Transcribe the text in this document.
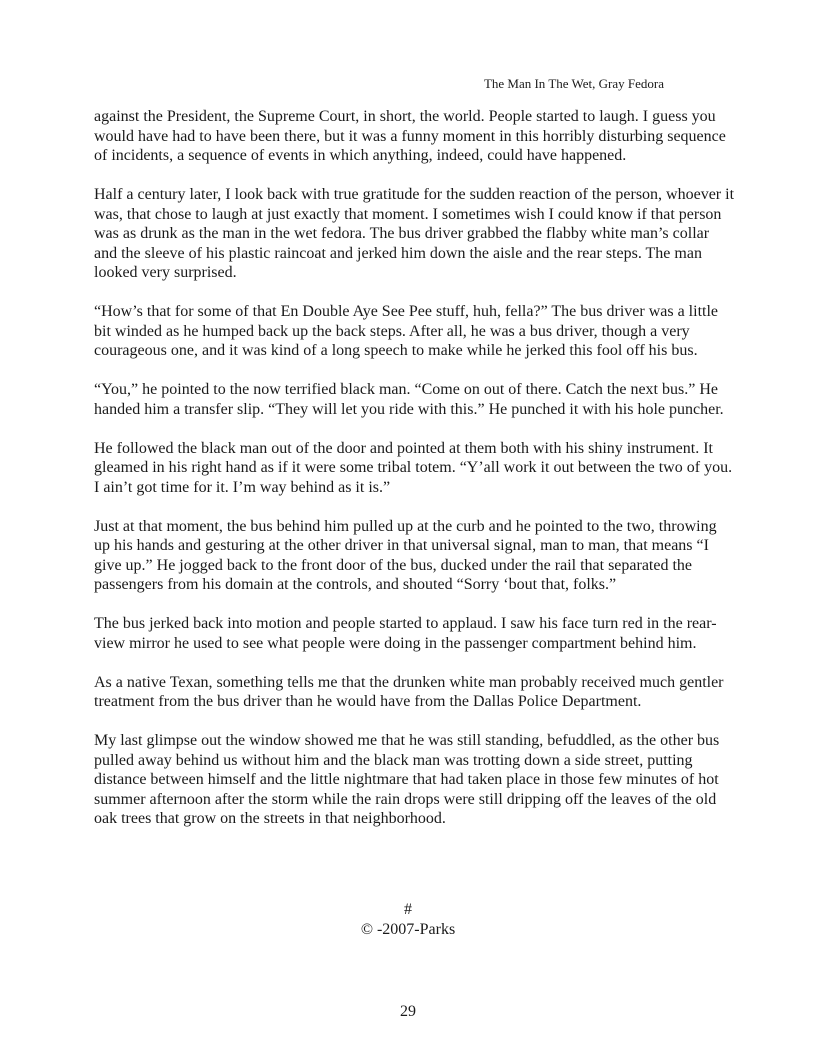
The Man In The Wet, Gray Fedora

against the President, the Supreme Court, in short, the world. People started to laugh. I guess you would have had to have been there, but it was a funny moment in this horribly disturbing sequence of incidents, a sequence of events in which anything, indeed, could have happened.

Half a century later, I look back with true gratitude for the sudden reaction of the person, whoever it was, that chose to laugh at just exactly that moment. I sometimes wish I could know if that person was as drunk as the man in the wet fedora. The bus driver grabbed the flabby white man’s collar and the sleeve of his plastic raincoat and jerked him down the aisle and the rear steps. The man looked very surprised.

“How’s that for some of that En Double Aye See Pee stuff, huh, fella?” The bus driver was a little bit winded as he humped back up the back steps. After all, he was a bus driver, though a very courageous one, and it was kind of a long speech to make while he jerked this fool off his bus.

“You,” he pointed to the now terrified black man. “Come on out of there. Catch the next bus.” He handed him a transfer slip. “They will let you ride with this.” He punched it with his hole puncher.

He followed the black man out of the door and pointed at them both with his shiny instrument. It gleamed in his right hand as if it were some tribal totem. “Y’all work it out between the two of you. I ain’t got time for it. I’m way behind as it is.”

Just at that moment, the bus behind him pulled up at the curb and he pointed to the two, throwing up his hands and gesturing at the other driver in that universal signal, man to man, that means “I give up.” He jogged back to the front door of the bus, ducked under the rail that separated the passengers from his domain at the controls, and shouted “Sorry ‘bout that, folks.”

The bus jerked back into motion and people started to applaud. I saw his face turn red in the rear-view mirror he used to see what people were doing in the passenger compartment behind him.

As a native Texan, something tells me that the drunken white man probably received much gentler treatment from the bus driver than he would have from the Dallas Police Department.

My last glimpse out the window showed me that he was still standing, befuddled, as the other bus pulled away behind us without him and the black man was trotting down a side street, putting distance between himself and the little nightmare that had taken place in those few minutes of hot summer afternoon after the storm while the rain drops were still dripping off the leaves of the old oak trees that grow on the streets in that neighborhood.

#
© -2007-Parks
29
